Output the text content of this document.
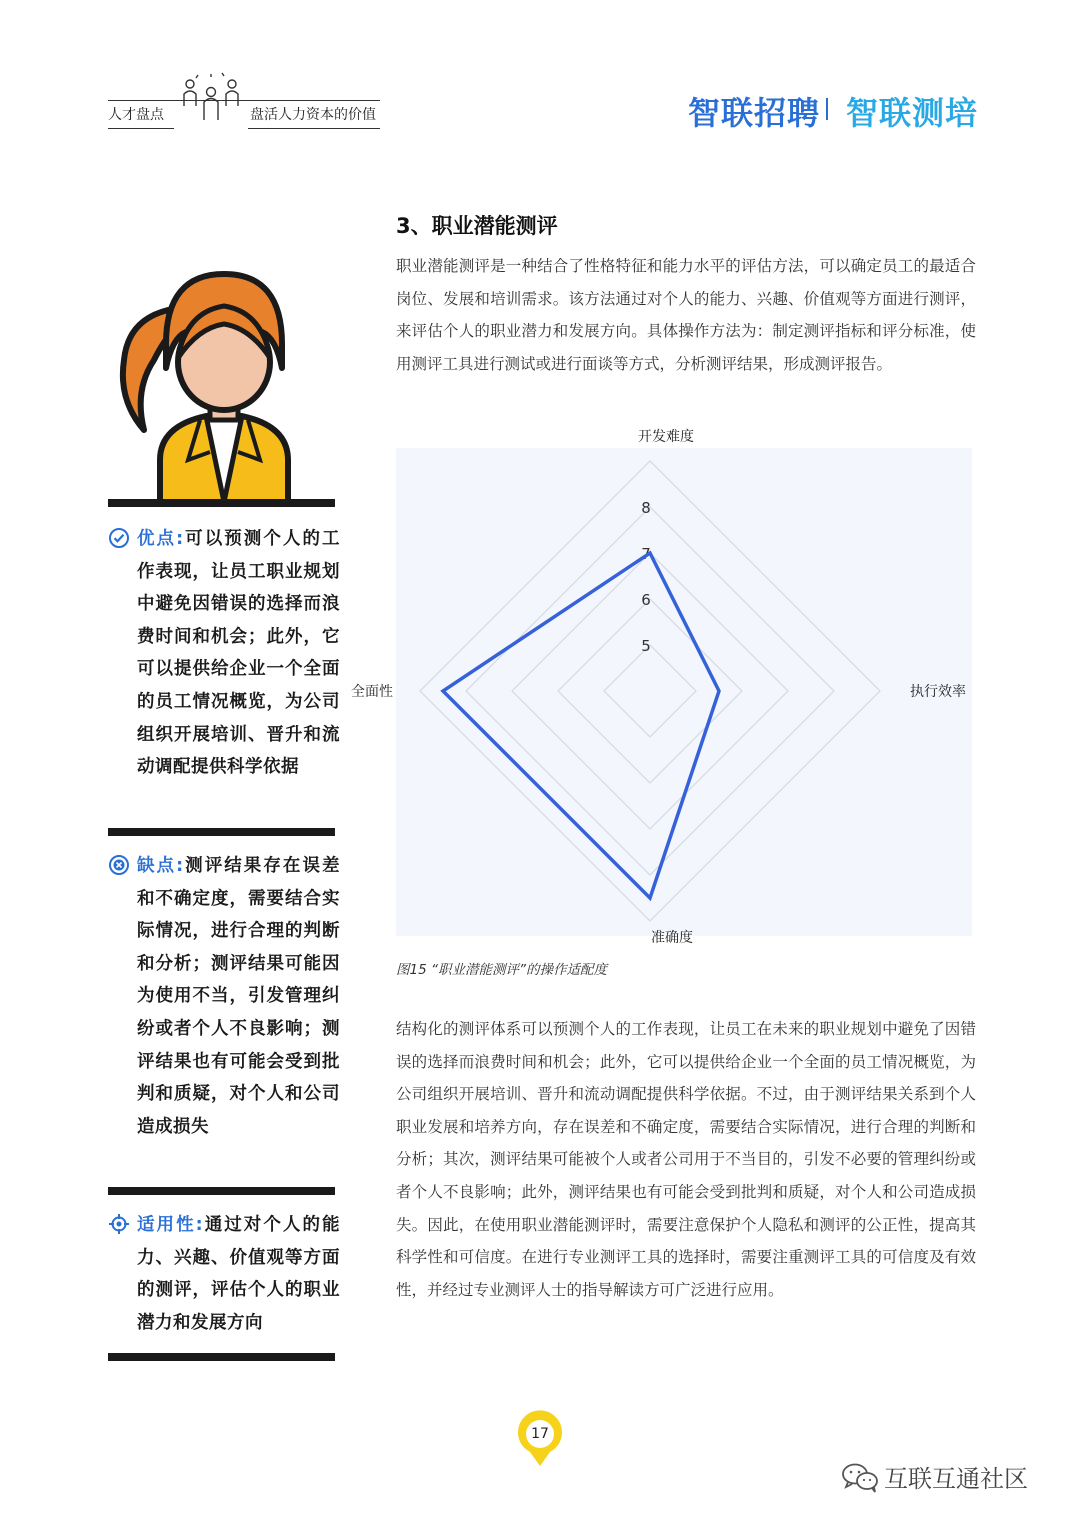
人才盘点	盘活人力资本的价值	智联招聘 智联测培
3、职业潜能测评

职业潜能测评是一种结合了性格特征和能力水平的评估方法，可以确定员工的最适合岗位、发展和培训需求。该方法通过对个人的能力、兴趣、价值观等方面进行测评，来评估个人的职业潜力和发展方向。具体操作方法为：制定测评指标和评分标准，使用测评工具进行测试或进行面谈等方式，分析测评结果，形成测评报告。

5
6
7
8
开发难度
执行效率
准确度
全面性
图15 “职业潜能测评”的操作适配度

结构化的测评体系可以预测个人的工作表现，让员工在未来的职业规划中避免了因错误的选择而浪费时间和机会；此外，它可以提供给企业一个全面的员工情况概览，为公司组织开展培训、晋升和流动调配提供科学依据。不过，由于测评结果关系到个人职业发展和培养方向，存在误差和不确定度，需要结合实际情况，进行合理的判断和分析；其次，测评结果可能被个人或者公司用于不当目的，引发不必要的管理纠纷或者个人不良影响；此外，测评结果也有可能会受到批判和质疑，对个人和公司造成损失。因此，在使用职业潜能测评时，需要注意保护个人隐私和测评的公正性，提高其科学性和可信度。在进行专业测评工具的选择时，需要注重测评工具的可信度及有效性，并经过专业测评人士的指导解读方可广泛进行应用。

优点:可以预测个人的工作表现，让员工职业规划中避免因错误的选择而浪费时间和机会；此外，它可以提供给企业一个全面的员工情况概览，为公司组织开展培训、晋升和流动调配提供科学依据

缺点:测评结果存在误差和不确定度，需要结合实际情况，进行合理的判断和分析；测评结果可能因为使用不当，引发管理纠纷或者个人不良影响；测评结果也有可能会受到批判和质疑，对个人和公司造成损失

适用性:通过对个人的能力、兴趣、价值观等方面的测评，评估个人的职业潜力和发展方向

17
互联互通社区
